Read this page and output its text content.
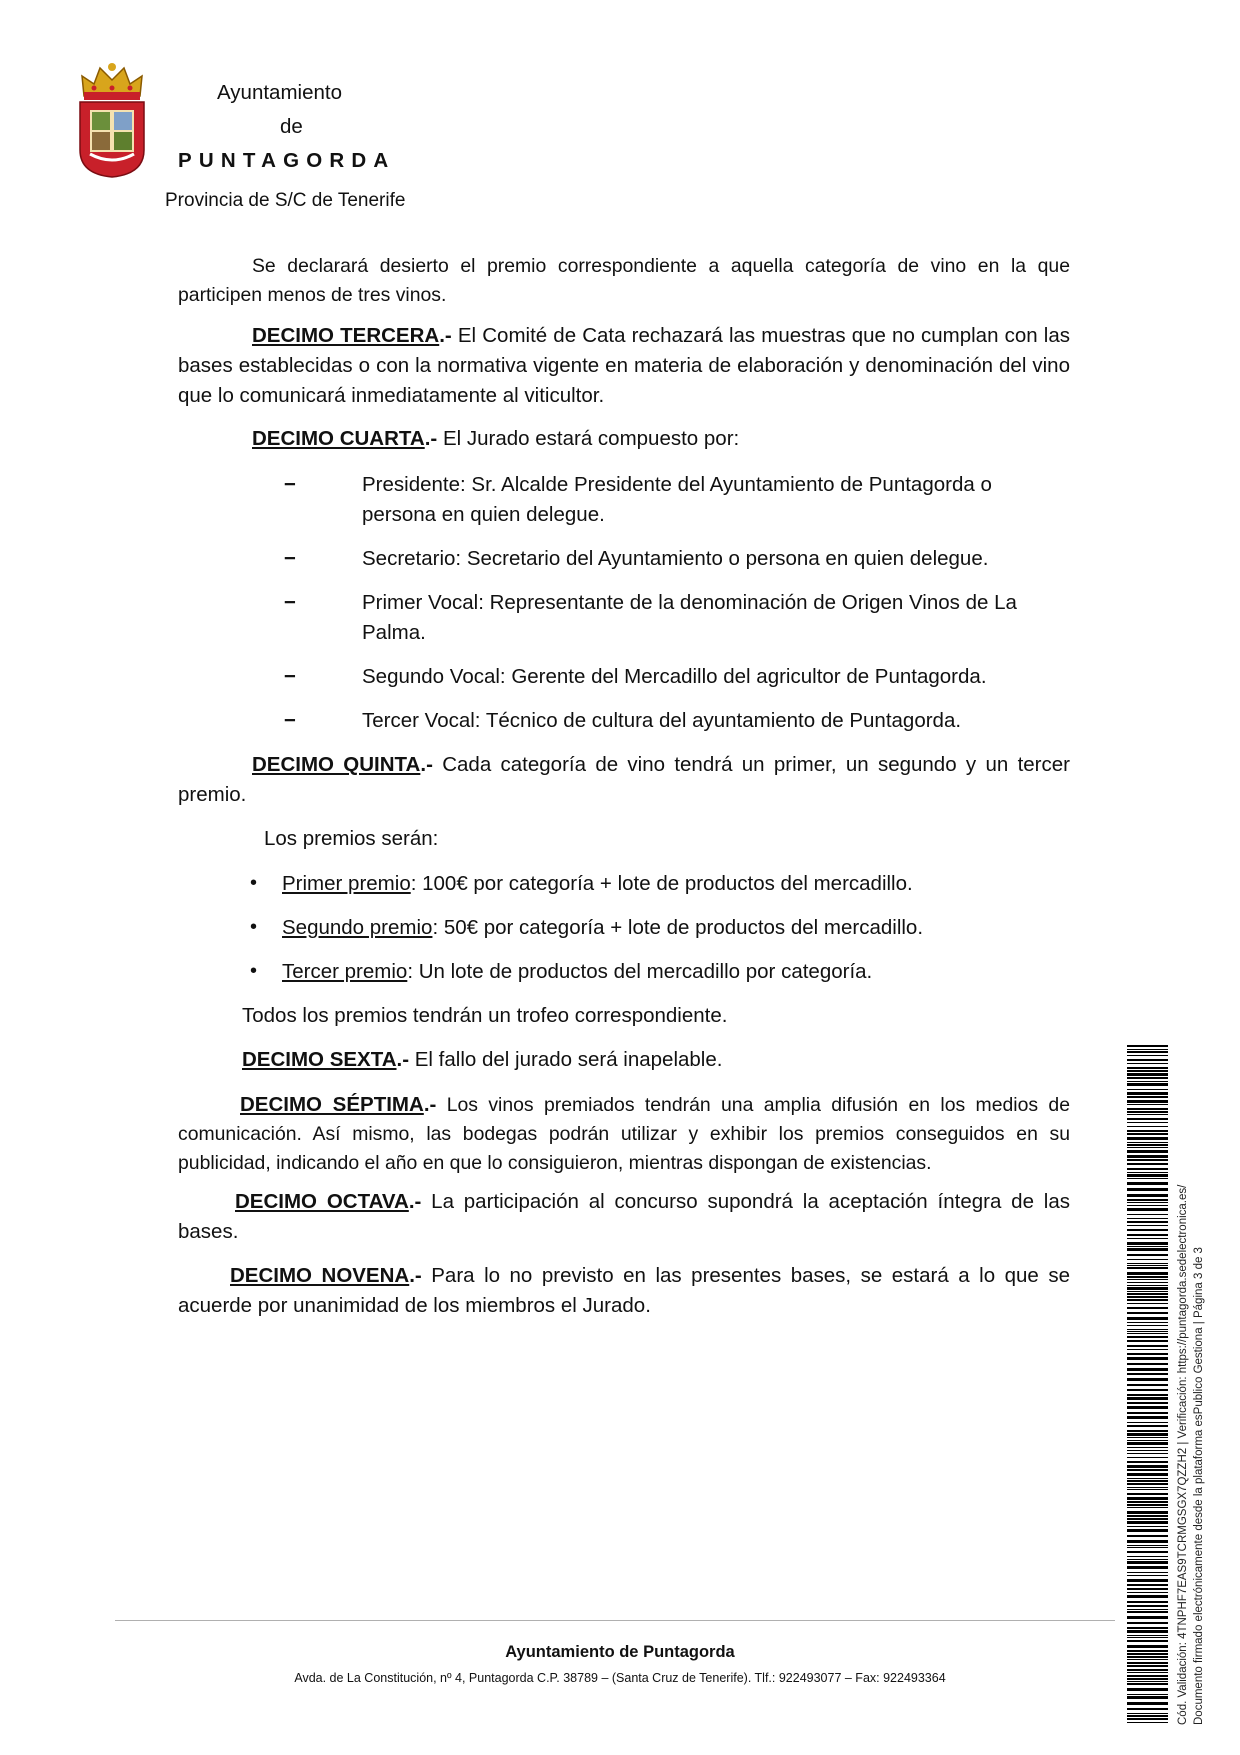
Ayuntamiento
de
PUNTAGORDA
Provincia de S/C de Tenerife
Se declarará desierto el premio correspondiente a aquella categoría de vino en la que participen menos de tres vinos.
DECIMO TERCERA.- El Comité de Cata rechazará las muestras que no cumplan con las bases establecidas o con la normativa vigente en materia de elaboración y denominación del vino que lo comunicará inmediatamente al viticultor.
DECIMO CUARTA.- El Jurado estará compuesto por:
−	Presidente: Sr. Alcalde Presidente del Ayuntamiento de Puntagorda o persona en quien delegue.
−	Secretario: Secretario del Ayuntamiento o persona en quien delegue.
−	Primer Vocal: Representante de la denominación de Origen Vinos de La Palma.
−	Segundo Vocal: Gerente del Mercadillo del agricultor de Puntagorda.
−	Tercer Vocal: Técnico de cultura del ayuntamiento de Puntagorda.
DECIMO QUINTA.- Cada categoría de vino tendrá un primer, un segundo y un tercer premio.
Los premios serán:
•	Primer premio: 100€ por categoría + lote de productos del mercadillo.
•	Segundo premio: 50€ por categoría + lote de productos del mercadillo.
•	Tercer premio: Un lote de productos del mercadillo por categoría.
Todos los premios tendrán un trofeo correspondiente.
DECIMO SEXTA.- El fallo del jurado será inapelable.
DECIMO SÉPTIMA.- Los vinos premiados tendrán una amplia difusión en los medios de comunicación. Así mismo, las bodegas podrán utilizar y exhibir los premios conseguidos en su publicidad, indicando el año en que lo consiguieron, mientras dispongan de existencias.
DECIMO OCTAVA.- La participación al concurso supondrá la aceptación íntegra de las bases.
DECIMO NOVENA.- Para lo no previsto en las presentes bases, se estará a lo que se acuerde por unanimidad de los miembros el Jurado.
Ayuntamiento de Puntagorda
Avda. de La Constitución, nº 4, Puntagorda C.P. 38789 – (Santa Cruz de Tenerife). Tlf.: 922493077 – Fax: 922493364	Cód. Validación: 4TNPHF7EAS9TCRMGSGX7QZZH2 | Verificación: https://puntagorda.sedelectronica.es/ Documento firmado electrónicamente desde la plataforma esPublico Gestiona | Página 3 de 3
